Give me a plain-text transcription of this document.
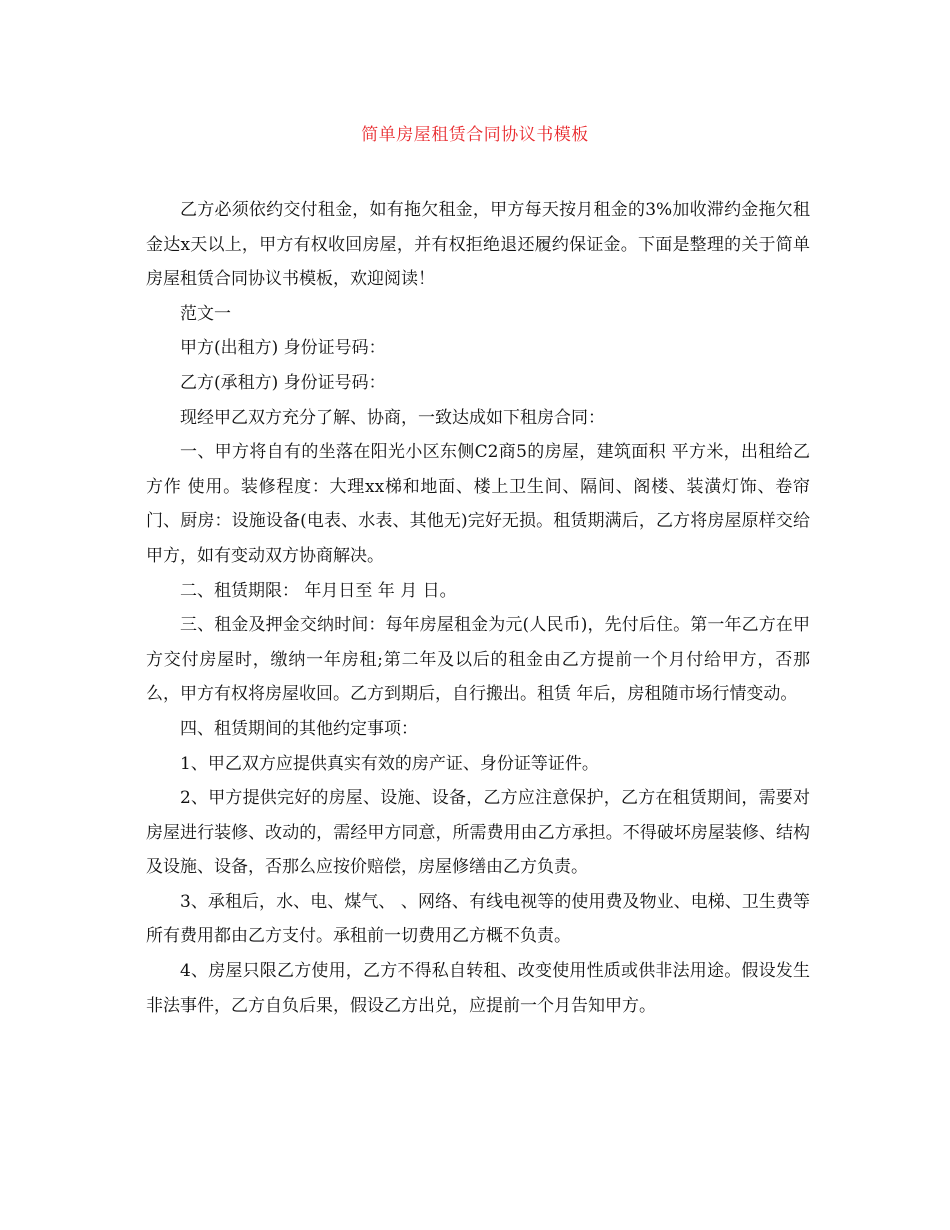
简单房屋租赁合同协议书模板

乙方必须依约交付租金，如有拖欠租金，甲方每天按月租金的3%加收滞约金拖欠租金达x天以上，甲方有权收回房屋，并有权拒绝退还履约保证金。下面是整理的关于简单房屋租赁合同协议书模板，欢迎阅读！

范文一

甲方(出租方) 身份证号码：

乙方(承租方) 身份证号码：

现经甲乙双方充分了解、协商，一致达成如下租房合同：

一、甲方将自有的坐落在阳光小区东侧C2商5的房屋，建筑面积 平方米，出租给乙方作 使用。装修程度：大理xx梯和地面、楼上卫生间、隔间、阁楼、装潢灯饰、卷帘门、厨房：设施设备(电表、水表、其他无)完好无损。租赁期满后，乙方将房屋原样交给甲方，如有变动双方协商解决。

二、租赁期限： 年月日至 年 月 日。

三、租金及押金交纳时间：每年房屋租金为元(人民币)，先付后住。第一年乙方在甲方交付房屋时，缴纳一年房租;第二年及以后的租金由乙方提前一个月付给甲方，否那么，甲方有权将房屋收回。乙方到期后，自行搬出。租赁 年后，房租随市场行情变动。

四、租赁期间的其他约定事项：

1、甲乙双方应提供真实有效的房产证、身份证等证件。

2、甲方提供完好的房屋、设施、设备，乙方应注意保护，乙方在租赁期间，需要对房屋进行装修、改动的，需经甲方同意，所需费用由乙方承担。不得破坏房屋装修、结构及设施、设备，否那么应按价赔偿，房屋修缮由乙方负责。

3、承租后，水、电、煤气、 、网络、有线电视等的使用费及物业、电梯、卫生费等所有费用都由乙方支付。承租前一切费用乙方概不负责。

4、房屋只限乙方使用，乙方不得私自转租、改变使用性质或供非法用途。假设发生非法事件，乙方自负后果，假设乙方出兑，应提前一个月告知甲方。
